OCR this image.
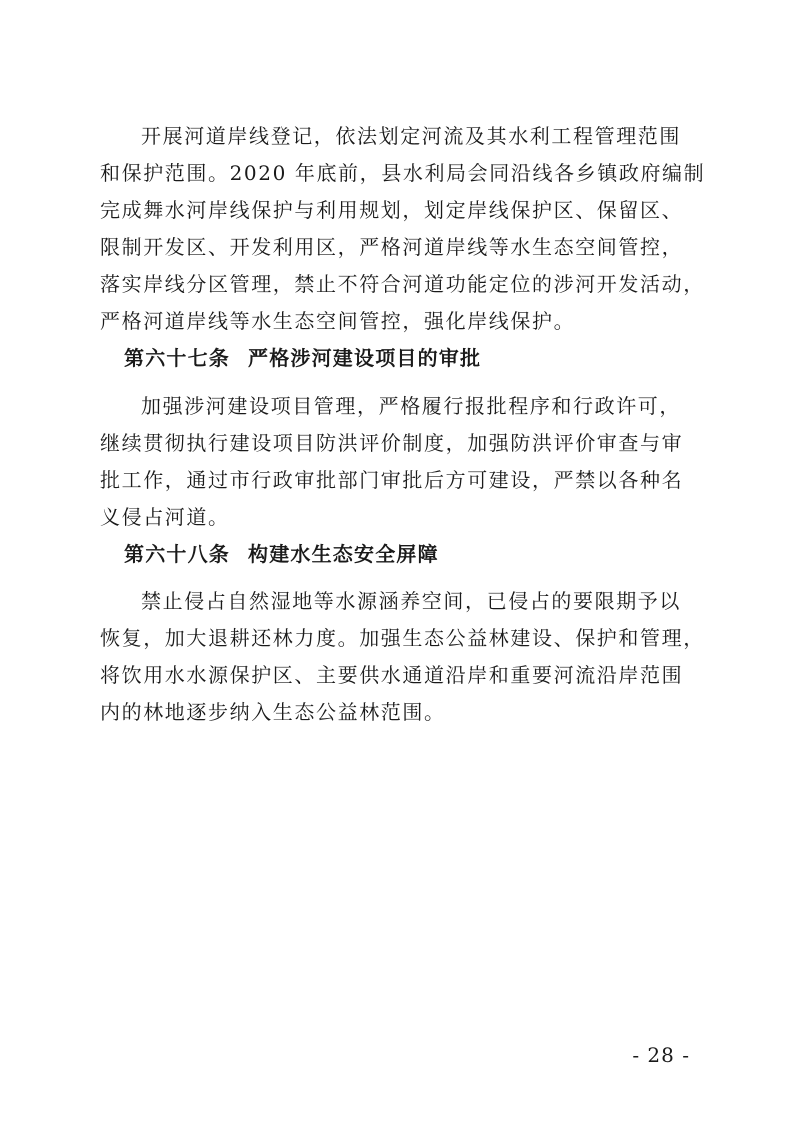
开展河道岸线登记，依法划定河流及其水利工程管理范围
和保护范围。2020 年底前，县水利局会同沿线各乡镇政府编制
完成舞水河岸线保护与利用规划，划定岸线保护区、保留区、
限制开发区、开发利用区，严格河道岸线等水生态空间管控，
落实岸线分区管理，禁止不符合河道功能定位的涉河开发活动，
严格河道岸线等水生态空间管控，强化岸线保护。
第六十七条 严格涉河建设项目的审批
加强涉河建设项目管理，严格履行报批程序和行政许可，
继续贯彻执行建设项目防洪评价制度，加强防洪评价审查与审
批工作，通过市行政审批部门审批后方可建设，严禁以各种名
义侵占河道。
第六十八条 构建水生态安全屏障
禁止侵占自然湿地等水源涵养空间，已侵占的要限期予以
恢复，加大退耕还林力度。加强生态公益林建设、保护和管理，
将饮用水水源保护区、主要供水通道沿岸和重要河流沿岸范围
内的林地逐步纳入生态公益林范围。
- 28 -
